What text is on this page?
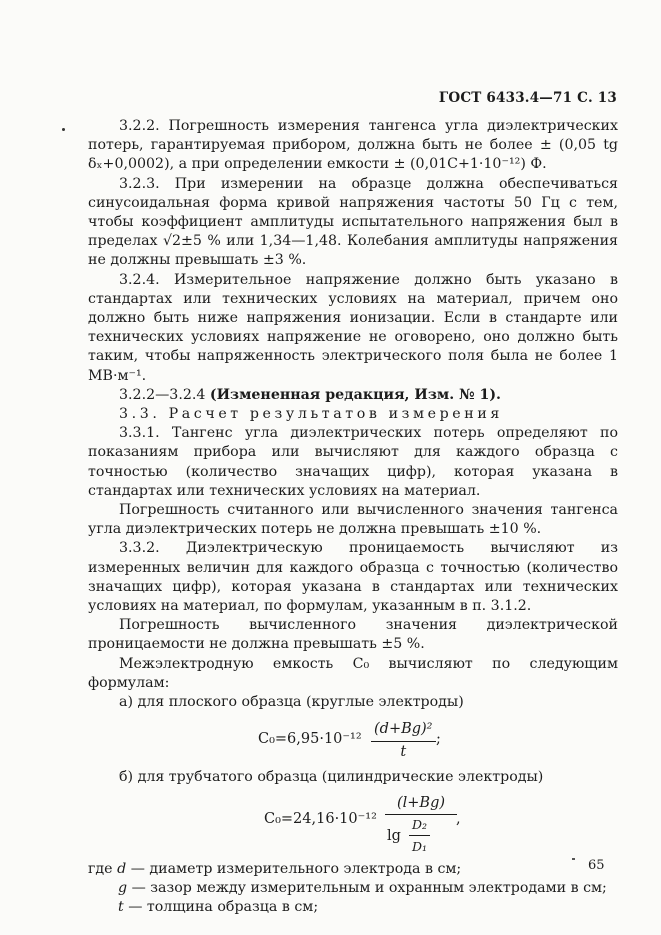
ГОСТ 6433.4—71 С. 13

3.2.2. Погрешность измерения тангенса угла диэлектрических потерь, гарантируемая прибором, должна быть не более ± (0,05 tg δₓ+0,0002), а при определении емкости ± (0,01C+1·10⁻¹²) Ф.

3.2.3. При измерении на образце должна обеспечиваться синусоидальная форма кривой напряжения частоты 50 Гц с тем, чтобы коэффициент амплитуды испытательного напряжения был в пределах √2±5 % или 1,34—1,48. Колебания амплитуды напряжения не должны превышать ±3 %.

3.2.4. Измерительное напряжение должно быть указано в стандартах или технических условиях на материал, причем оно должно быть ниже напряжения ионизации. Если в стандарте или технических условиях напряжение не оговорено, оно должно быть таким, чтобы напряженность электрического поля была не более 1 МВ·м⁻¹.

3.2.2—3.2.4 (Измененная редакция, Изм. № 1).

3.3. Расчет результатов измерения

3.3.1. Тангенс угла диэлектрических потерь определяют по показаниям прибора или вычисляют для каждого образца с точностью (количество значащих цифр), которая указана в стандартах или технических условиях на материал.

Погрешность считанного или вычисленного значения тангенса угла диэлектрических потерь не должна превышать ±10 %.

3.3.2. Диэлектрическую проницаемость вычисляют из измеренных величин для каждого образца с точностью (количество значащих цифр), которая указана в стандартах или технических условиях на материал, по формулам, указанным в п. 3.1.2.

Погрешность вычисленного значения диэлектрической проницаемости не должна превышать ±5 %.

Межэлектродную емкость C₀ вычисляют по следующим формулам:

а) для плоского образца (круглые электроды)

$C_0=6,95\cdot 10^{-12} \frac{\text{(d+Bg)²}}{t}$ ;

б) для трубчатого образца (цилиндрические электроды)

$C_0=24,16\cdot 10^{-12} \frac{(l+Bg)}{\lg \frac{\text{D₂}}{\text{D₁}}}$ ,

где d — диаметр измерительного электрода в см;

g — зазор между измерительным и охранным электродами в см;

t — толщина образца в см;

65
